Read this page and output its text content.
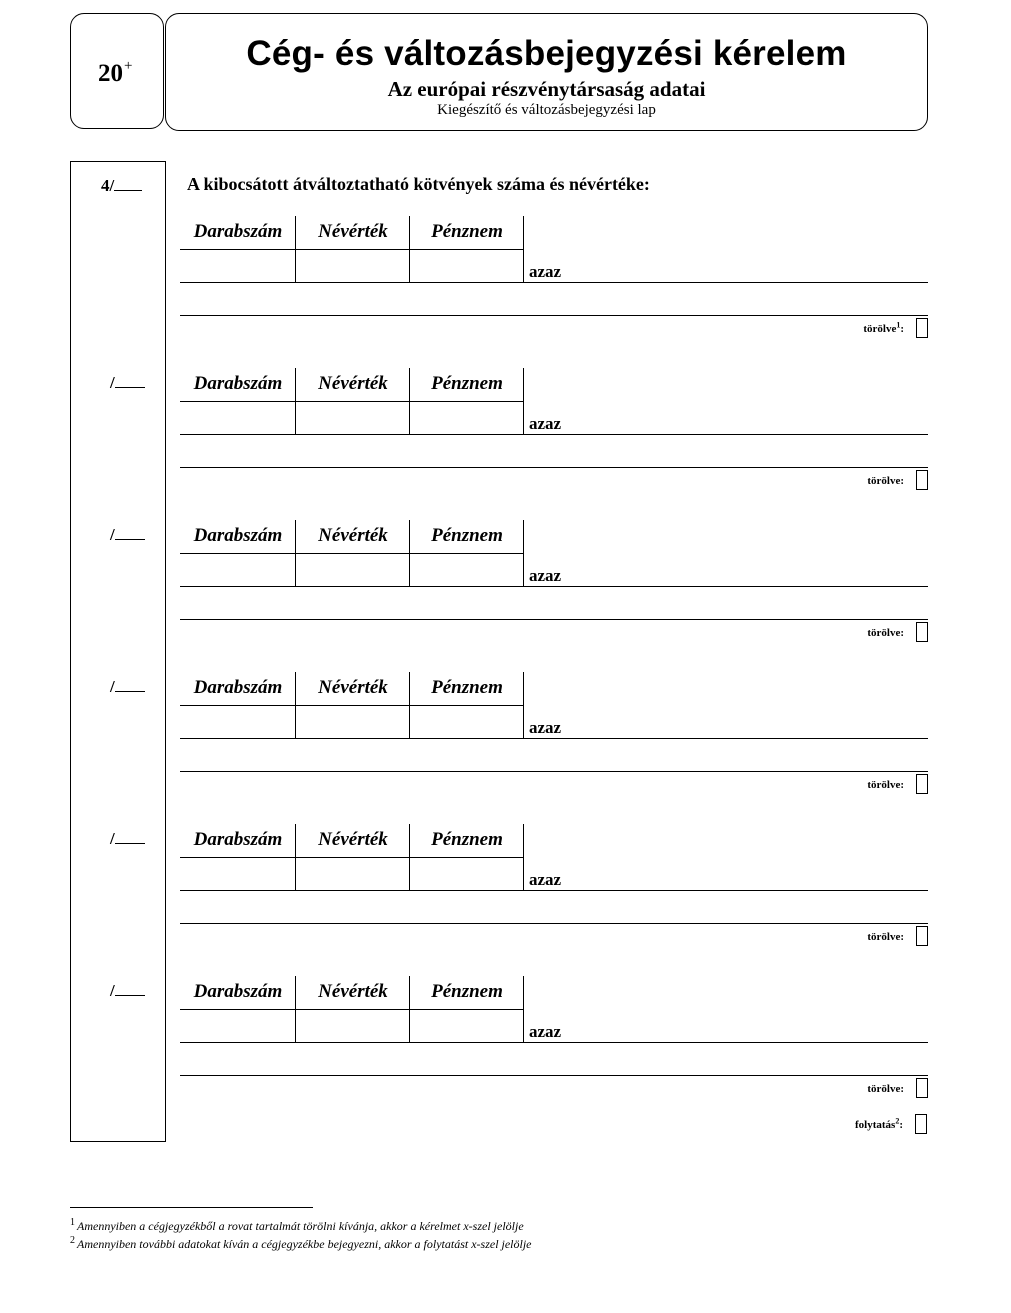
20+	Cég- és változásbejegyzési kérelem
Az európai részvénytársaság adatai
Kiegészítő és változásbejegyzési lap
4/
/
/
/
/
/
A kibocsátott átváltoztatható kötvények száma és névértéke:
Darabszám	Névérték	Pénznem
azaz
törölve$^1$:
Darabszám	Névérték	Pénznem
azaz
törölve:
Darabszám	Névérték	Pénznem
azaz
törölve:
Darabszám	Névérték	Pénznem
azaz
törölve:
Darabszám	Névérték	Pénznem
azaz
törölve:
Darabszám	Névérték	Pénznem
azaz
törölve:
folytatás$^2$:
$^1$ Amennyiben a cégjegyzékből a rovat tartalmát törölni kívánja, akkor a kérelmet x-szel jelölje
$^2$ Amennyiben további adatokat kíván a cégjegyzékbe bejegyezni, akkor a folytatást x-szel jelölje
